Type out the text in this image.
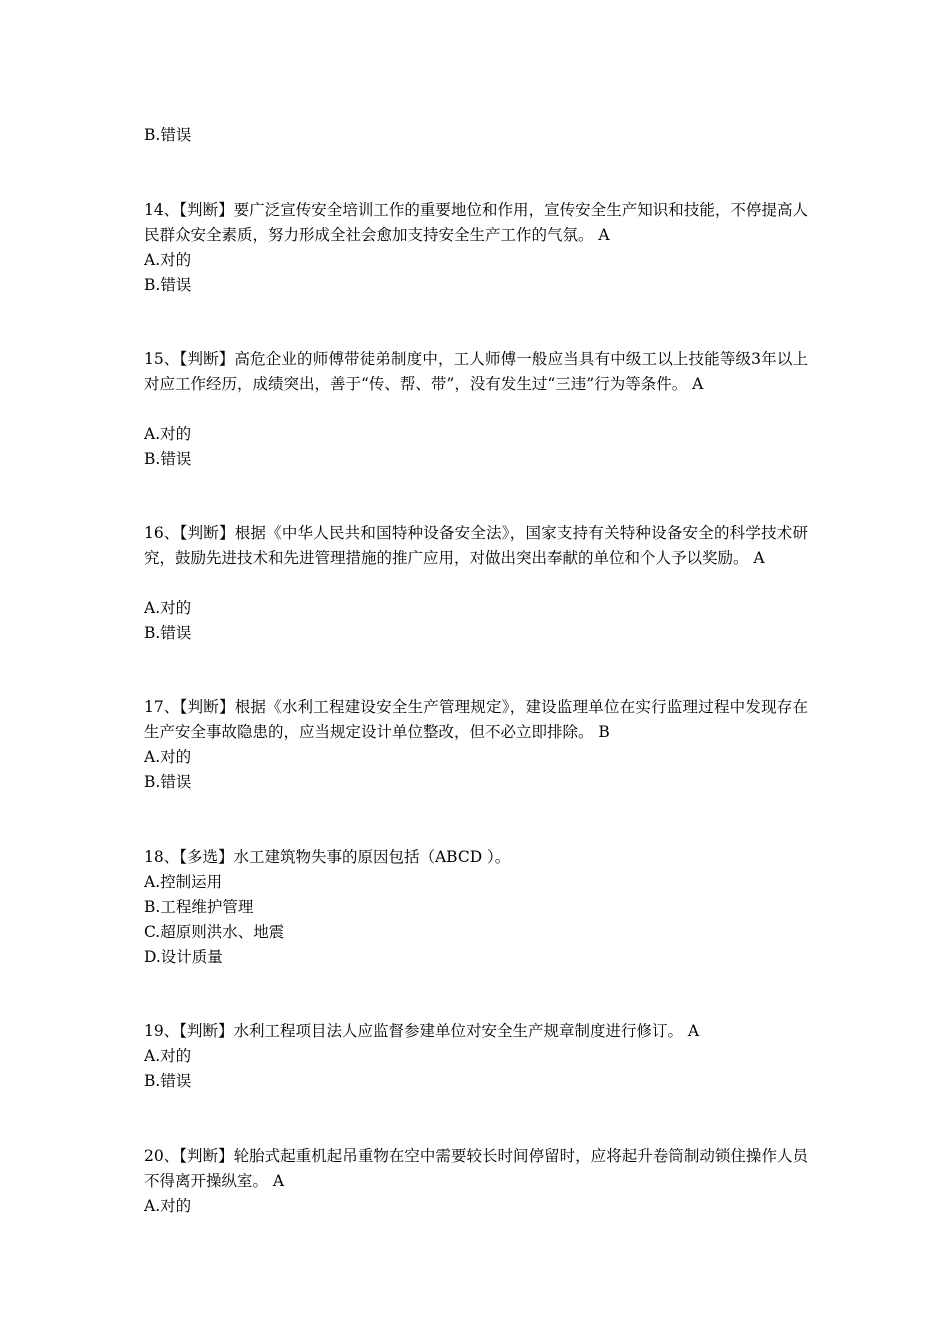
B.错误
14、【判断】要广泛宣传安全培训工作的重要地位和作用，宣传安全生产知识和技能，不停提高人民群众安全素质，努力形成全社会愈加支持安全生产工作的气氛。 A
A.对的
B.错误
15、【判断】高危企业的师傅带徒弟制度中，工人师傅一般应当具有中级工以上技能等级3年以上对应工作经历，成绩突出，善于“传、帮、带”，没有发生过“三违”行为等条件。 A
A.对的
B.错误
16、【判断】根据《中华人民共和国特种设备安全法》，国家支持有关特种设备安全的科学技术研究，鼓励先进技术和先进管理措施的推广应用，对做出突出奉献的单位和个人予以奖励。 A
A.对的
B.错误
17、【判断】根据《水利工程建设安全生产管理规定》，建设监理单位在实行监理过程中发现存在生产安全事故隐患的，应当规定设计单位整改，但不必立即排除。 B
A.对的
B.错误
18、【多选】水工建筑物失事的原因包括（ABCD ）。
A.控制运用
B.工程维护管理
C.超原则洪水、地震
D.设计质量
19、【判断】水利工程项目法人应监督参建单位对安全生产规章制度进行修订。 A
A.对的
B.错误
20、【判断】轮胎式起重机起吊重物在空中需要较长时间停留时，应将起升卷筒制动锁住操作人员不得离开操纵室。 A
A.对的
